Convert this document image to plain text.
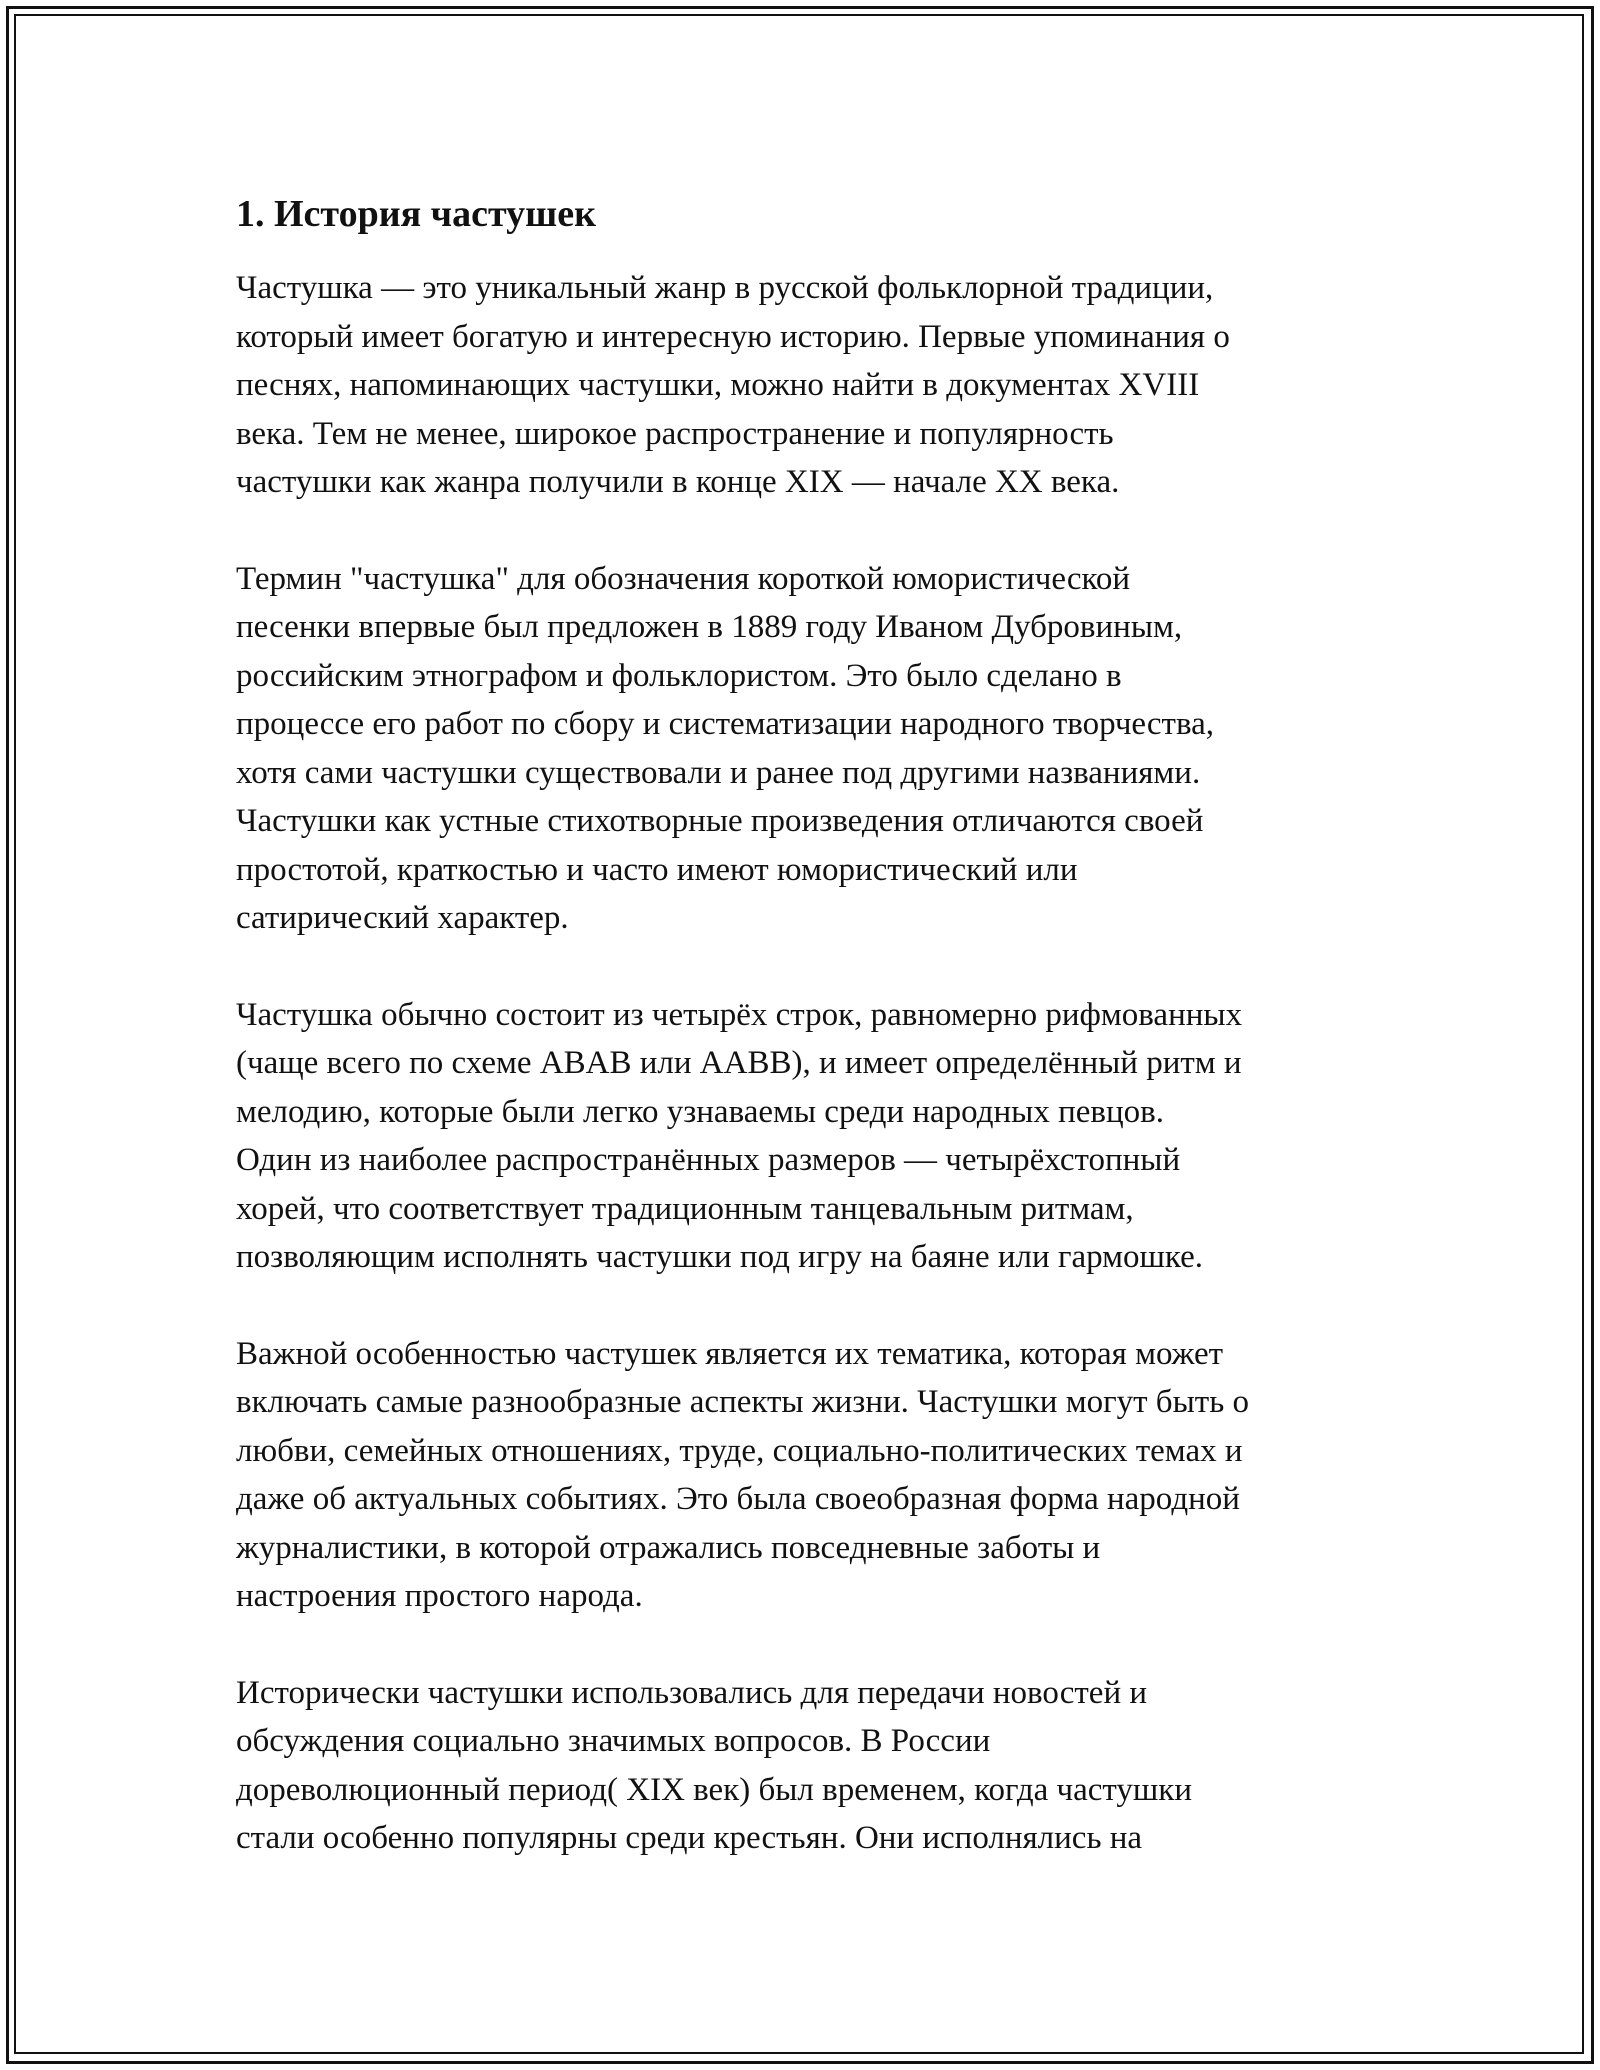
1. История частушек

Частушка — это уникальный жанр в русской фольклорной традиции,
который имеет богатую и интересную историю. Первые упоминания о
песнях, напоминающих частушки, можно найти в документах XVIII
века. Тем не менее, широкое распространение и популярность
частушки как жанра получили в конце XIX — начале XX века.

Термин "частушка" для обозначения короткой юмористической
песенки впервые был предложен в 1889 году Иваном Дубровиным,
российским этнографом и фольклористом. Это было сделано в
процессе его работ по сбору и систематизации народного творчества,
хотя сами частушки существовали и ранее под другими названиями.
Частушки как устные стихотворные произведения отличаются своей
простотой, краткостью и часто имеют юмористический или
сатирический характер.

Частушка обычно состоит из четырёх строк, равномерно рифмованных
(чаще всего по схеме ABAB или AABB), и имеет определённый ритм и
мелодию, которые были легко узнаваемы среди народных певцов.
Один из наиболее распространённых размеров — четырёхстопный
хорей, что соответствует традиционным танцевальным ритмам,
позволяющим исполнять частушки под игру на баяне или гармошке.

Важной особенностью частушек является их тематика, которая может
включать самые разнообразные аспекты жизни. Частушки могут быть о
любви, семейных отношениях, труде, социально-политических темах и
даже об актуальных событиях. Это была своеобразная форма народной
журналистики, в которой отражались повседневные заботы и
настроения простого народа.

Исторически частушки использовались для передачи новостей и
обсуждения социально значимых вопросов. В России
дореволюционный период( XIX век) был временем, когда частушки
стали особенно популярны среди крестьян. Они исполнялись на
